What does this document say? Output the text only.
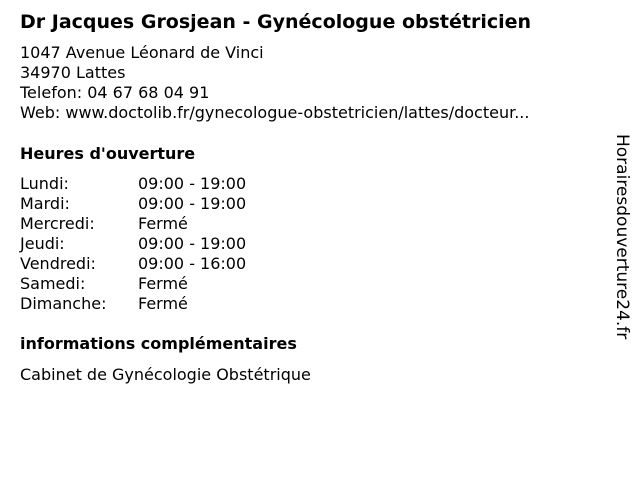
Dr Jacques Grosjean - Gynécologue obstétricien
1047 Avenue Léonard de Vinci
34970 Lattes
Telefon: 04 67 68 04 91
Web: www.doctolib.fr/gynecologue-obstetricien/lattes/docteur...
Heures d'ouverture
Lundi:	09:00 - 19:00
Mardi:	09:00 - 19:00
Mercredi:	Fermé
Jeudi:	09:00 - 19:00
Vendredi:	09:00 - 16:00
Samedi:	Fermé
Dimanche:	Fermé
informations complémentaires
Cabinet de Gynécologie Obstétrique
Horairesdouverture24.fr
